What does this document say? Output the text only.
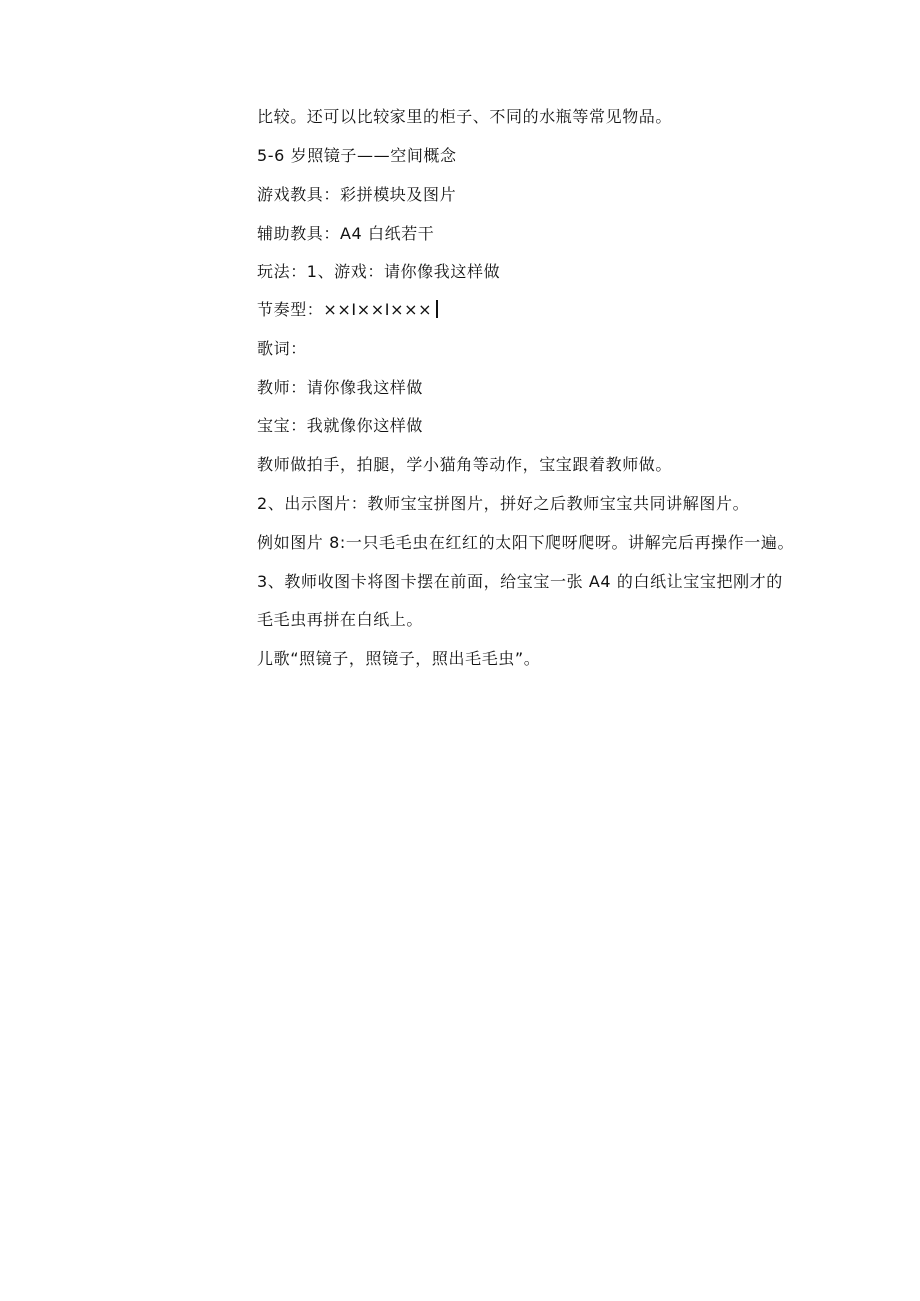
比较。还可以比较家里的柜子、不同的水瓶等常见物品。
5-6 岁照镜子——空间概念
游戏教具：彩拼模块及图片
辅助教具：A4 白纸若干
玩法：1、游戏：请你像我这样做
节奏型：××I××I×××
歌词：
教师：请你像我这样做
宝宝：我就像你这样做
教师做拍手，拍腿，学小猫角等动作，宝宝跟着教师做。
2、出示图片：教师宝宝拼图片，拼好之后教师宝宝共同讲解图片。
例如图片 8:一只毛毛虫在红红的太阳下爬呀爬呀。讲解完后再操作一遍。
3、教师收图卡将图卡摆在前面，给宝宝一张 A4 的白纸让宝宝把刚才的
毛毛虫再拼在白纸上。
儿歌“照镜子，照镜子，照出毛毛虫”。
